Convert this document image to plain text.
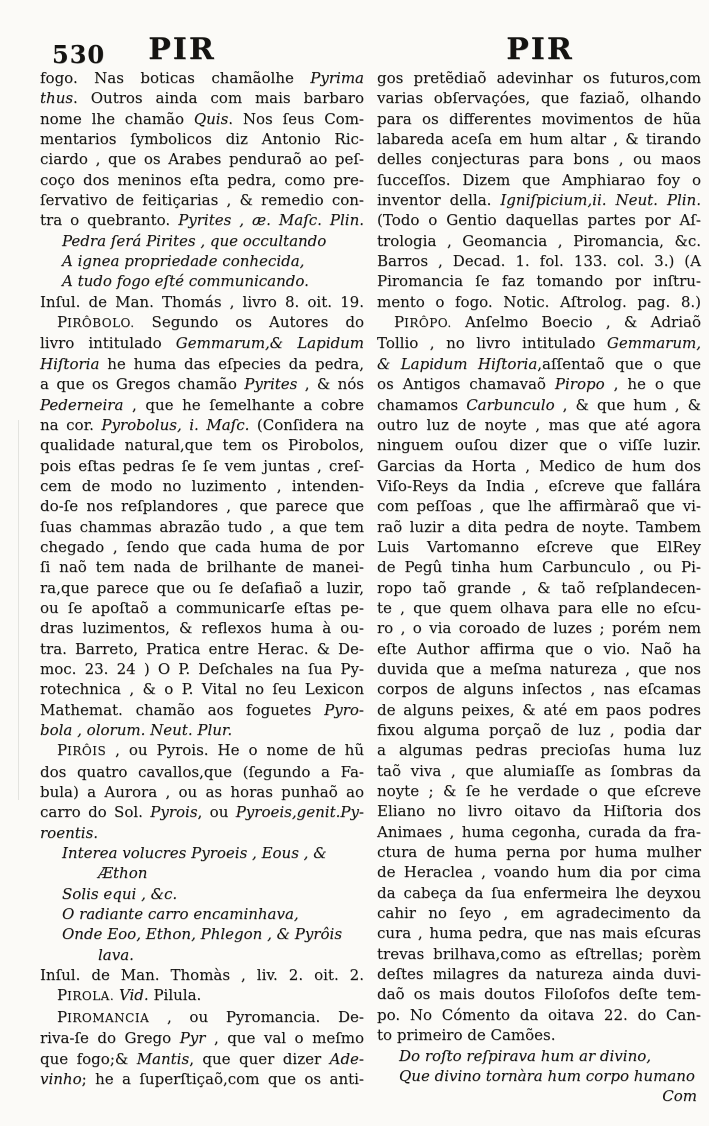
530	PIR	PIR
fogo. Nas boticas chamãolhe Pyrima
thus. Outros ainda com mais barbaro
nome lhe chamão Quis. Nos ſeus Com-
mentarios ſymbolicos diz Antonio Ric-
ciardo , que os Arabes penduraõ ao peſ-
coço dos meninos eſta pedra, como pre-
ſervativo de feitiçarias , & remedio con-
tra o quebranto. Pyrites , æ. Maſc. Plin.
Pedra ſerá Pirites , que occultando
A ignea propriedade conhecida,
A tudo fogo eſté communicando.
Inſul. de Man. Thomás , livro 8. oit. 19.
PIRÔBOLO. Segundo os Autores do
livro intitulado Gemmarum,& Lapidum
Hiſtoria he huma das eſpecies da pedra,
a que os Gregos chamão Pyrites , & nós
Pederneira , que he ſemelhante a cobre
na cor. Pyrobolus, i. Maſc. (Conſidera na
qualidade natural,que tem os Pirobolos,
pois eſtas pedras ſe ſe vem juntas , creſ-
cem de modo no luzimento , intenden-
do-ſe nos reſplandores , que parece que
ſuas chammas abrazão tudo , a que tem
chegado , ſendo que cada huma de por
ſi naõ tem nada de brilhante de manei-
ra,que parece que ou ſe deſafiaõ a luzir,
ou ſe apoſtaõ a communicarſe eſtas pe-
dras luzimentos, & reflexos huma à ou-
tra. Barreto, Pratica entre Herac. & De-
moc. 23. 24 ) O P. Deſchales na ſua Py-
rotechnica , & o P. Vital no ſeu Lexicon
Mathemat. chamão aos foguetes Pyro-
bola , olorum. Neut. Plur.
PIRÔIS , ou Pyrois. He o nome de hũ
dos quatro cavallos,que (ſegundo a Fa-
bula) a Aurora , ou as horas punhaõ ao
carro do Sol. Pyrois, ou Pyroeis,genit.Py-
roentis.
Interea volucres Pyroeis , Eous , &
Æthon
Solis equi , &c.
O radiante carro encaminhava,
Onde Eoo, Ethon, Phlegon , & Pyrôis
lava.
Inſul. de Man. Thomàs , liv. 2. oit. 2.
PIROLA. Vid. Pilula.
PIROMANCIA , ou Pyromancia. De-
riva-ſe do Grego Pyr , que val o meſmo
que fogo;& Mantis, que quer dizer Ade-
vinho; he a ſuperſtiçaõ,com que os anti-
gos pretẽdiaõ adevinhar os futuros,com
varias obſervaçóes, que faziaõ, olhando
para os differentes movimentos de hũa
labareda aceſa em hum altar , & tirando
delles conjecturas para bons , ou maos
ſucceſſos. Dizem que Amphiarao foy o
inventor della. Igniſpicium,ii. Neut. Plin.
(Todo o Gentio daquellas partes por Aſ-
trologia , Geomancia , Piromancia, &c.
Barros , Decad. 1. fol. 133. col. 3.) (A
Piromancia ſe faz tomando por inſtru-
mento o fogo. Notic. Aſtrolog. pag. 8.)
PIRÔPO. Anſelmo Boecio , & Adriaõ
Tollio , no livro intitulado Gemmarum,
& Lapidum Hiſtoria,aſſentaõ que o que
os Antigos chamavaõ Piropo , he o que
chamamos Carbunculo , & que hum , &
outro luz de noyte , mas que até agora
ninguem ouſou dizer que o viſſe luzir.
Garcias da Horta , Medico de hum dos
Viſo-Reys da India , eſcreve que fallára
com peſſoas , que lhe affirmàraõ que vi-
raõ luzir a dita pedra de noyte. Tambem
Luis Vartomanno eſcreve que ElRey
de Pegû tinha hum Carbunculo , ou Pi-
ropo taõ grande , & taõ reſplandecen-
te , que quem olhava para elle no eſcu-
ro , o via coroado de luzes ; porém nem
eſte Author affirma que o vio. Naõ ha
duvida que a meſma natureza , que nos
corpos de alguns inſectos , nas eſcamas
de alguns peixes, & até em paos podres
fixou alguma porçaõ de luz , podia dar
a algumas pedras precioſas huma luz
taõ viva , que alumiaſſe as ſombras da
noyte ; & ſe he verdade o que eſcreve
Eliano no livro oitavo da Hiſtoria dos
Animaes , huma cegonha, curada da fra-
ctura de huma perna por huma mulher
de Heraclea , voando hum dia por cima
da cabeça da ſua enfermeira lhe deyxou
cahir no ſeyo , em agradecimento da
cura , huma pedra, que nas mais eſcuras
trevas brilhava,como as eſtrellas; porèm
deſtes milagres da natureza ainda duvi-
daõ os mais doutos Filoſofos deſte tem-
po. No Cómento da oitava 22. do Can-
to primeiro de Camões.
Do roſto reſpirava hum ar divino,
Que divino tornàra hum corpo humano
Com
